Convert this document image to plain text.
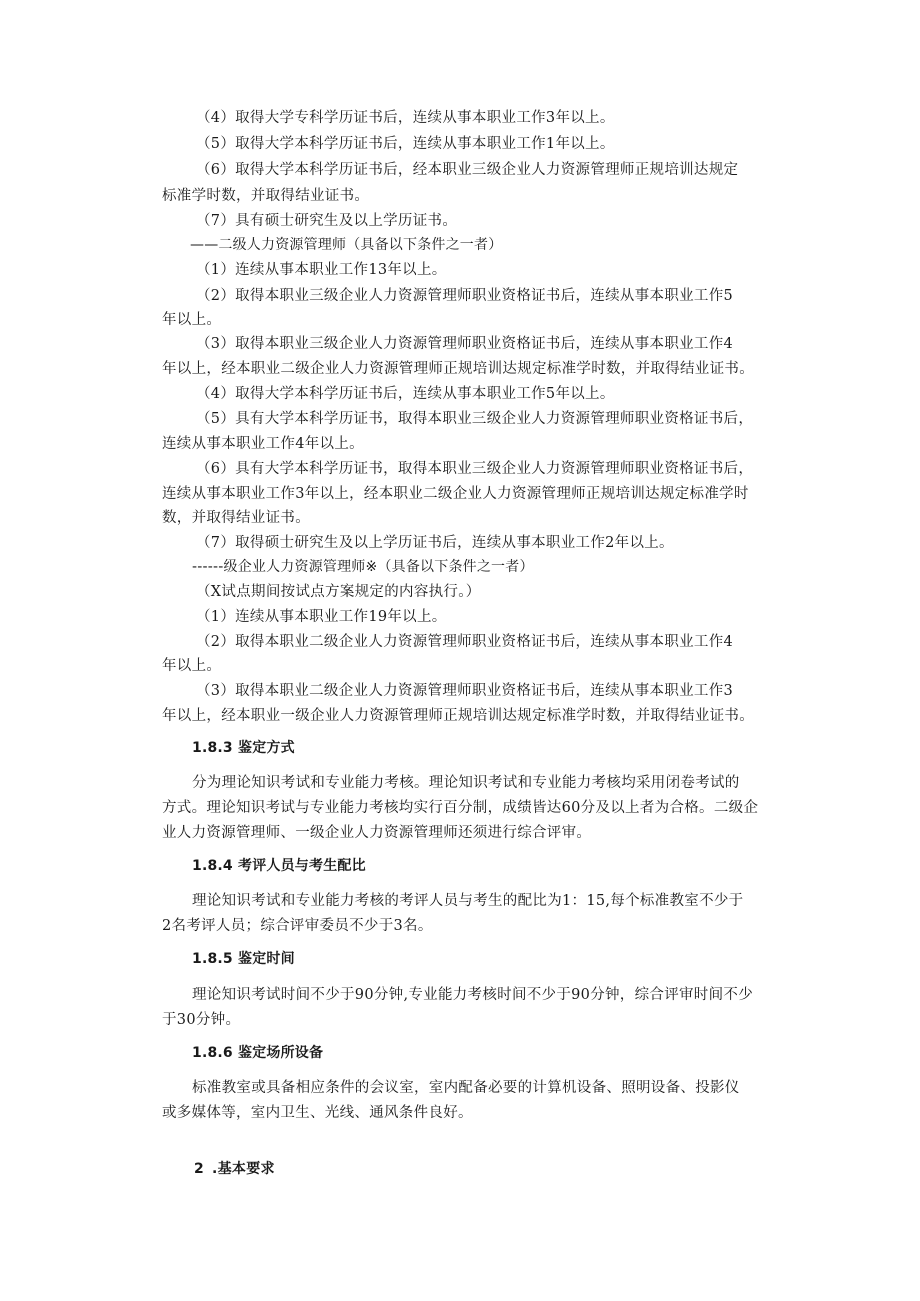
（4）取得大学专科学历证书后，连续从事本职业工作3年以上。
（5）取得大学本科学历证书后，连续从事本职业工作1年以上。
（6）取得大学本科学历证书后，经本职业三级企业人力资源管理师正规培训达规定
标准学时数，并取得结业证书。
（7）具有硕士研究生及以上学历证书。
——二级人力资源管理师（具备以下条件之一者）
（1）连续从事本职业工作13年以上。
（2）取得本职业三级企业人力资源管理师职业资格证书后，连续从事本职业工作5
年以上。
（3）取得本职业三级企业人力资源管理师职业资格证书后，连续从事本职业工作4
年以上，经本职业二级企业人力资源管理师正规培训达规定标准学时数，并取得结业证书。
（4）取得大学本科学历证书后，连续从事本职业工作5年以上。
（5）具有大学本科学历证书，取得本职业三级企业人力资源管理师职业资格证书后，
连续从事本职业工作4年以上。
（6）具有大学本科学历证书，取得本职业三级企业人力资源管理师职业资格证书后，
连续从事本职业工作3年以上，经本职业二级企业人力资源管理师正规培训达规定标准学时
数，并取得结业证书。
（7）取得硕士研究生及以上学历证书后，连续从事本职业工作2年以上。
------级企业人力资源管理师※（具备以下条件之一者）
（X试点期间按试点方案规定的内容执行。）
（1）连续从事本职业工作19年以上。
（2）取得本职业二级企业人力资源管理师职业资格证书后，连续从事本职业工作4
年以上。
（3）取得本职业二级企业人力资源管理师职业资格证书后，连续从事本职业工作3
年以上，经本职业一级企业人力资源管理师正规培训达规定标准学时数，并取得结业证书。
1.8.3 鉴定方式
分为理论知识考试和专业能力考核。理论知识考试和专业能力考核均采用闭卷考试的
方式。理论知识考试与专业能力考核均实行百分制，成绩皆达60分及以上者为合格。二级企
业人力资源管理师、一级企业人力资源管理师还须进行综合评审。
1.8.4 考评人员与考生配比
理论知识考试和专业能力考核的考评人员与考生的配比为1：15,每个标准教室不少于
2名考评人员；综合评审委员不少于3名。
1.8.5 鉴定时间
理论知识考试时间不少于90分钟,专业能力考核时间不少于90分钟，综合评审时间不少
于30分钟。
1.8.6 鉴定场所设备
标准教室或具备相应条件的会议室，室内配备必要的计算机设备、照明设备、投影仪
或多媒体等，室内卫生、光线、通风条件良好。
2 .基本要求
